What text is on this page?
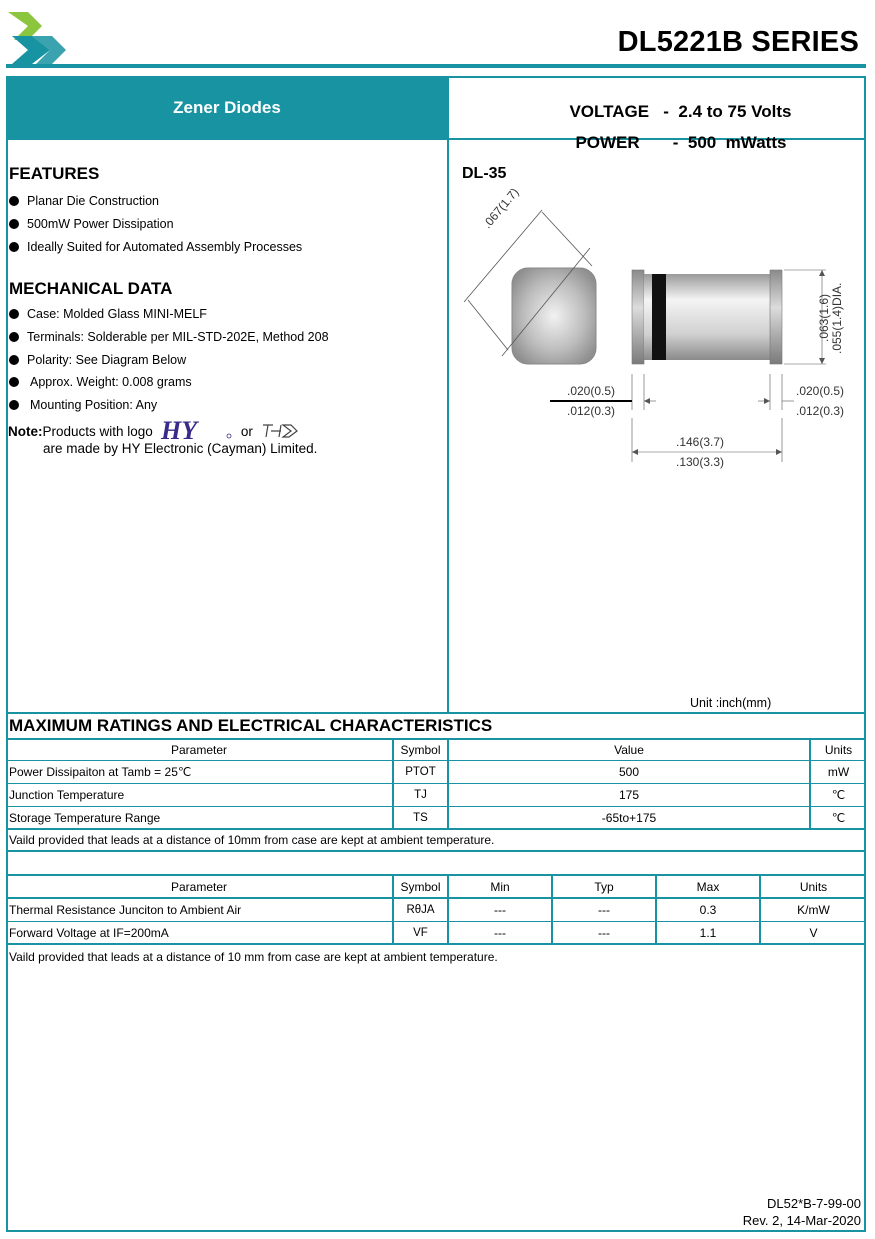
DL5221B SERIES
Zener Diodes	VOLTAGE   -  2.4 to 75 Volts

POWER       -  500  mWatts

FEATURES
Planar Die Construction
500mW Power Dissipation
Ideally Suited for Automated Assembly Processes
MECHANICAL DATA
Case: Molded Glass MINI-MELF
Terminals: Solderable per MIL-STD-202E, Method 208
Polarity: See Diagram Below
Approx. Weight: 0.008 grams
Mounting Position: Any
Note: Products with logo HY	or
are made by HY Electronic (Cayman) Limited.
DL-35
.067(1.7)
.063(1.6) .055(1.4)DIA.
.020(0.5)
.012(0.3)
.020(0.5)
.012(0.3)
.146(3.7)
.130(3.3)
Unit :inch(mm)
MAXIMUM RATINGS AND ELECTRICAL CHARACTERISTICS
Parameter	Symbol	Value	Units
Power Dissipaiton at Tamb = 25℃	PTOT	500	mW
Junction Temperature	TJ	175	℃
Storage Temperature Range	TS	-65to+175	℃
Vaild provided that leads at a distance of 10mm from case are kept at ambient temperature.
Parameter	Symbol	Min	Typ	Max	Units
Thermal Resistance Junciton to Ambient Air	RθJA	---	---	0.3	K/mW
Forward Voltage at IF=200mA	VF	---	---	1.1	V
Vaild provided that leads at a distance of 10 mm from case are kept at ambient temperature.
DL52*B-7-99-00
Rev. 2, 14-Mar-2020
